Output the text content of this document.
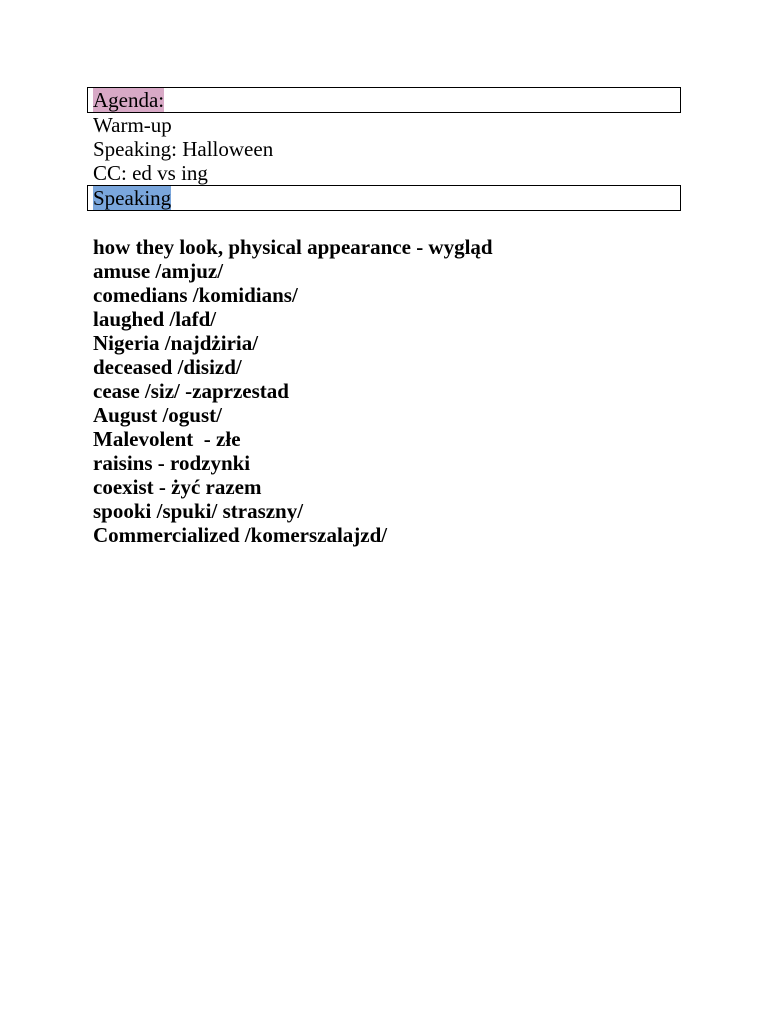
Agenda:
Warm-up
Speaking: Halloween
CC: ed vs ing
Speaking
how they look, physical appearance - wygląd
amuse /amjuz/
comedians /komidians/
laughed /lafd/
Nigeria /najdżiria/
deceased /disizd/
cease /siz/ -zaprzestad
August /ogust/
Malevolent  - złe
raisins - rodzynki
coexist - żyć razem
spooki /spuki/ straszny/
Commercialized /komerszalajzd/
